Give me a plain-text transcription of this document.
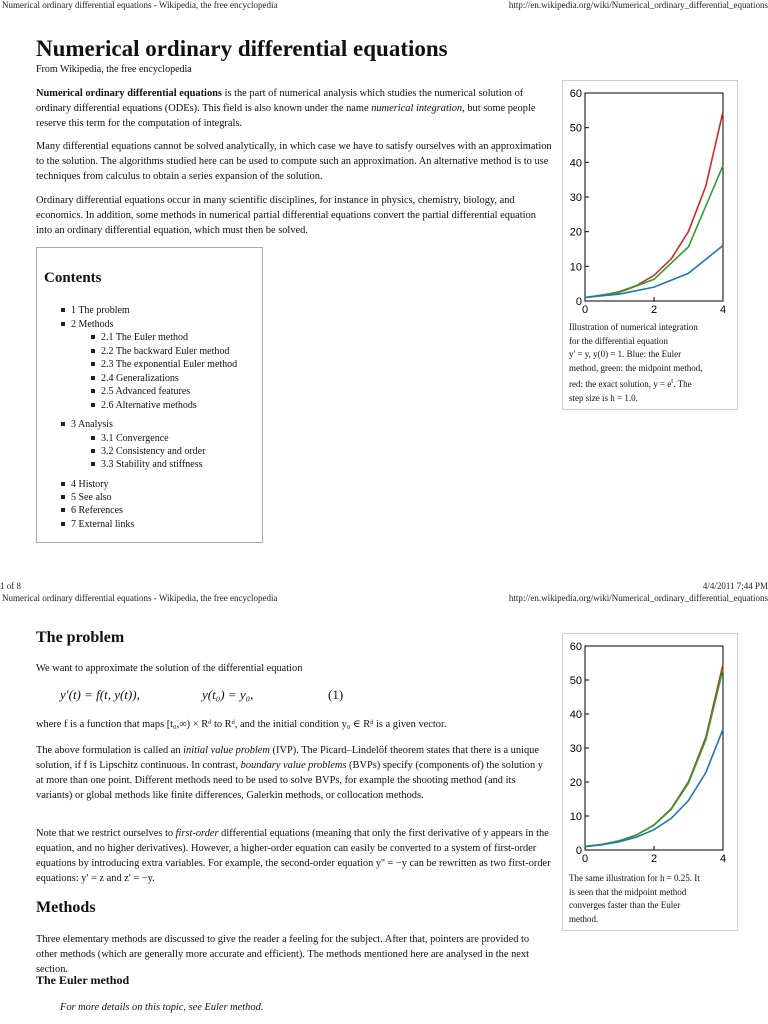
Numerical ordinary differential equations - Wikipedia, the free encyclopedia	http://en.wikipedia.org/wiki/Numerical_ordinary_differential_equations
Numerical ordinary differential equations
From Wikipedia, the free encyclopedia

Numerical ordinary differential equations is the part of numerical analysis which studies the numerical solution of ordinary differential equations (ODEs). This field is also known under the name numerical integration, but some people reserve this term for the computation of integrals.

Many differential equations cannot be solved analytically, in which case we have to satisfy ourselves with an approximation to the solution. The algorithms studied here can be used to compute such an approximation. An alternative method is to use techniques from calculus to obtain a series expansion of the solution.

Ordinary differential equations occur in many scientific disciplines, for instance in physics, chemistry, biology, and economics. In addition, some methods in numerical partial differential equations convert the partial differential equation into an ordinary differential equation, which must then be solved.

Contents
1 The problem
2 Methods
2.1 The Euler method
2.2 The backward Euler method
2.3 The exponential Euler method
2.4 Generalizations
2.5 Advanced features
2.6 Alternative methods
3 Analysis
3.1 Convergence
3.2 Consistency and order
3.3 Stability and stiffness
4 History
5 See also
6 References
7 External links
0
10
20
30
40
50
60
0	2	4
Illustration of numerical integration
for the differential equation
y' = y, y(0) = 1. Blue: the Euler
method, green: the midpoint method,
red: the exact solution, $y = e^t$. The
step size is h = 1.0.
1 of 8	4/4/2011 7:44 PM
Numerical ordinary differential equations - Wikipedia, the free encyclopedia	http://en.wikipedia.org/wiki/Numerical_ordinary_differential_equations
The problem

We want to approximate the solution of the differential equation

y′(t) = f(t, y(t)),	y(t₀) = y₀,	(1)

where f is a function that maps [t₀,∞) × Rᵈ to Rᵈ, and the initial condition y₀ ∈ Rᵈ is a given vector.

The above formulation is called an initial value problem (IVP). The Picard–Lindelöf theorem states that there is a unique solution, if f is Lipschitz continuous. In contrast, boundary value problems (BVPs) specify (components of) the solution y at more than one point. Different methods need to be used to solve BVPs, for example the shooting method (and its variants) or global methods like finite differences, Galerkin methods, or collocation methods.

Note that we restrict ourselves to first-order differential equations (meaning that only the first derivative of y appears in the equation, and no higher derivatives). However, a higher-order equation can easily be converted to a system of first-order equations by introducing extra variables. For example, the second-order equation y'' = −y can be rewritten as two first-order equations: y' = z and z' = −y.

Methods

Three elementary methods are discussed to give the reader a feeling for the subject. After that, pointers are provided to other methods (which are generally more accurate and efficient). The methods mentioned here are analysed in the next section.

The Euler method
For more details on this topic, see Euler method.
0
10
20
30
40
50
60
0	2	4
The same illustration for h = 0.25. It
is seen that the midpoint method
converges faster than the Euler
method.
